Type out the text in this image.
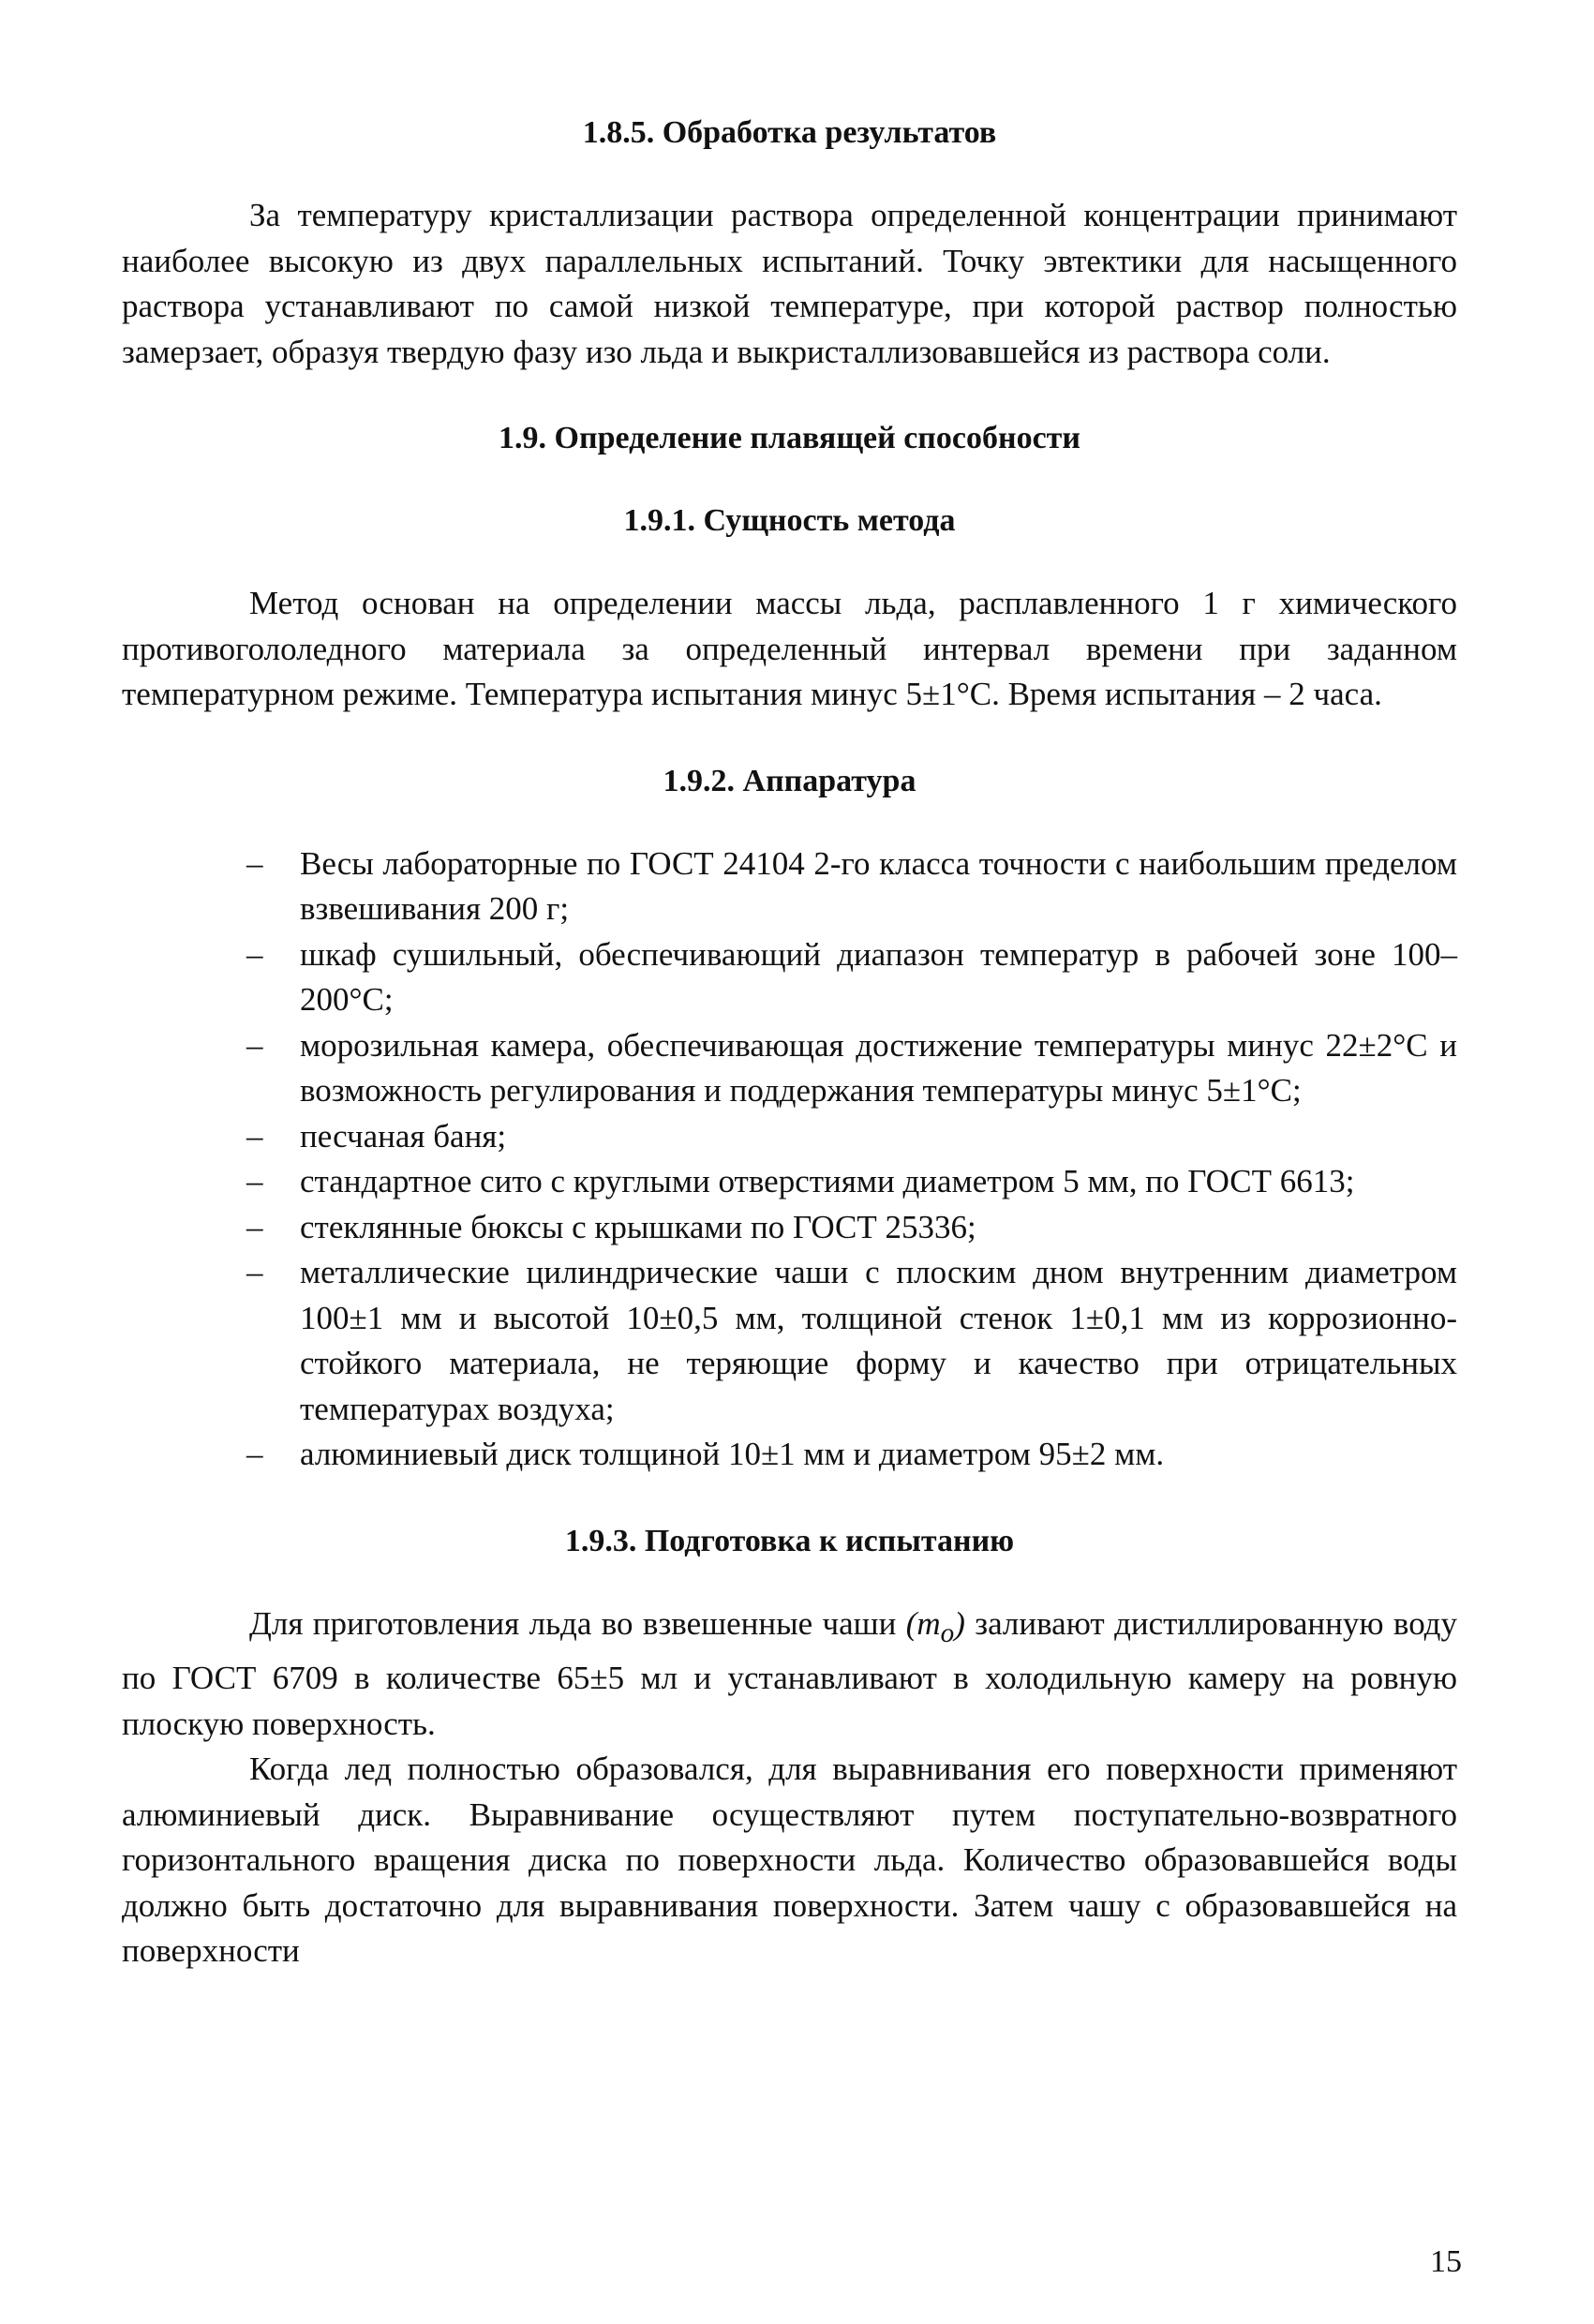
1.8.5. Обработка результатов

За температуру кристаллизации раствора определенной концентрации принимают наиболее высокую из двух параллельных испытаний. Точку эвтектики для насыщенного раствора устанавливают по самой низкой температуре, при которой раствор полностью замерзает, образуя твердую фазу изо льда и выкристаллизовавшейся из раствора соли.

1.9. Определение плавящей способности
1.9.1. Сущность метода

Метод основан на определении массы льда, расплавленного 1 г химического противогололедного материала за определенный интервал времени при заданном температурном режиме. Температура испытания минус 5±1°С. Время испытания – 2 часа.

1.9.2. Аппаратура
– Весы лабораторные по ГОСТ 24104 2-го класса точности с наибольшим пределом взвешивания 200 г;
– шкаф сушильный, обеспечивающий диапазон температур в рабочей зоне 100–200°С;
– морозильная камера, обеспечивающая достижение температуры минус 22±2°С и возможность регулирования и поддержания температуры минус 5±1°С;
– песчаная баня;
– стандартное сито с круглыми отверстиями диаметром 5 мм, по ГОСТ 6613;
– стеклянные бюксы с крышками по ГОСТ 25336;
– металлические цилиндрические чаши с плоским дном внутренним диаметром 100±1 мм и высотой 10±0,5 мм, толщиной стенок 1±0,1 мм из коррозионно-стойкого материала, не теряющие форму и качество при отрицательных температурах воздуха;
– алюминиевый диск толщиной 10±1 мм и диаметром 95±2 мм.
1.9.3. Подготовка к испытанию

Для приготовления льда во взвешенные чаши $(m_o)$ заливают дистиллированную воду по ГОСТ 6709 в количестве 65±5 мл и устанавливают в холодильную камеру на ровную плоскую поверхность.

Когда лед полностью образовался, для выравнивания его поверхности применяют алюминиевый диск. Выравнивание осуществляют путем поступательно-возвратного горизонтального вращения диска по поверхности льда. Количество образовавшейся воды должно быть достаточно для выравнивания поверхности. Затем чашу с образовавшейся на поверхности

15
